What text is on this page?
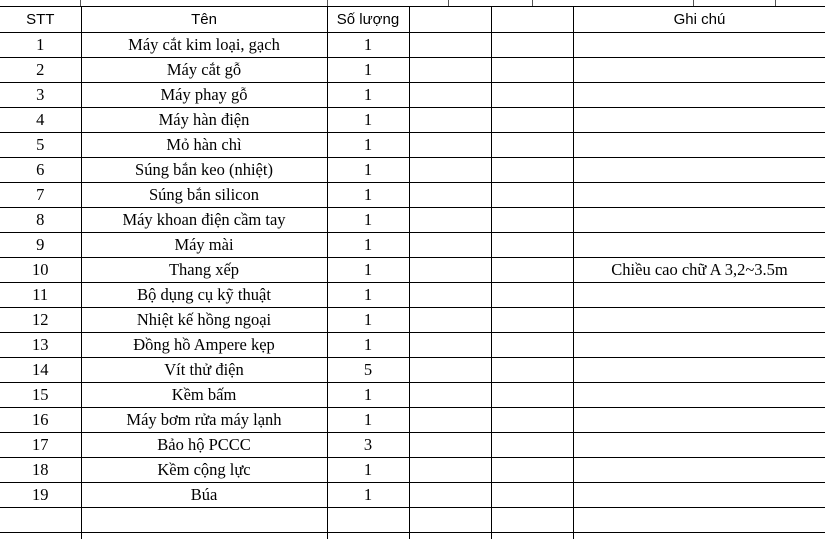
STT	Tên	Số lượng			Ghi chú
1	Máy cắt kim loại, gạch	1			
2	Máy cắt gỗ	1			
3	Máy phay gỗ	1			
4	Máy hàn điện	1			
5	Mỏ hàn chì	1			
6	Súng bắn keo (nhiệt)	1			
7	Súng bắn silicon	1			
8	Máy khoan điện cầm tay	1			
9	Máy mài	1			
10	Thang xếp	1			Chiều cao chữ A 3,2~3.5m
11	Bộ dụng cụ kỹ thuật	1			
12	Nhiệt kế hồng ngoại	1			
13	Đồng hồ Ampere kẹp	1			
14	Vít thử điện	5			
15	Kềm bấm	1			
16	Máy bơm rửa máy lạnh	1			
17	Bảo hộ PCCC	3			
18	Kềm cộng lực	1			
19	Búa	1			
